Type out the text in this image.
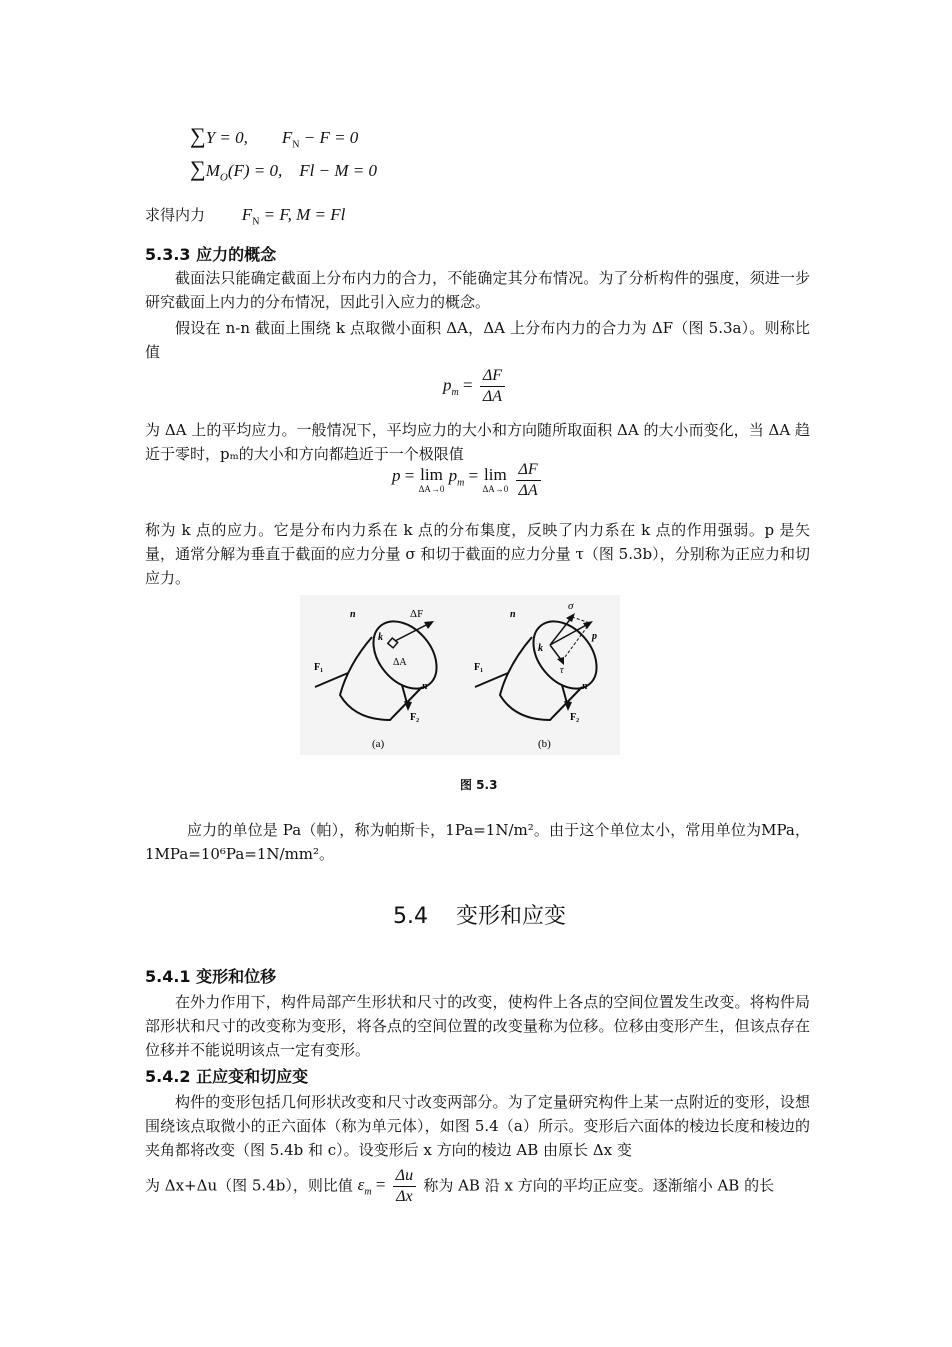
∑Y = 0,        $F_N - F = 0$
$\sum M_O(F) = 0$,    Fl − M = 0
求得内力 $F_N = F$, M = Fl
5.3.3 应力的概念
截面法只能确定截面上分布内力的合力，不能确定其分布情况。为了分析构件的强度，须进一步研究截面上内力的分布情况，因此引入应力的概念。
假设在 n-n 截面上围绕 k 点取微小面积 ΔA，ΔA 上分布内力的合力为 ΔF（图 5.3a）。则称比值
$p_m = \frac{\Delta F}{\Delta A}$
为 ΔA 上的平均应力。一般情况下，平均应力的大小和方向随所取面积 ΔA 的大小而变化，当 ΔA 趋近于零时，pₘ的大小和方向都趋近于一个极限值
p = lim
ΔA→0
$p_m = \lim$
ΔA→0
$\frac{\Delta F}{\Delta A}$
称为 k 点的应力。它是分布内力系在 k 点的分布集度，反映了内力系在 k 点的作用强弱。p 是矢量，通常分解为垂直于截面的应力分量 σ 和切于截面的应力分量 τ（图 5.3b），分别称为正应力和切应力。
n	ΔF
k
ΔA
F₁
n
F₂
(a)
n
σ
p
k
τ
F₁
n
F₂
(b)
图 5.3
应力的单位是 Pa（帕），称为帕斯卡，1Pa=1N/m²。由于这个单位太小，常用单位为MPa，1MPa=10⁶Pa=1N/mm²。
5.4    变形和应变
5.4.1 变形和位移
在外力作用下，构件局部产生形状和尺寸的改变，使构件上各点的空间位置发生改变。将构件局部形状和尺寸的改变称为变形，将各点的空间位置的改变量称为位移。位移由变形产生，但该点存在位移并不能说明该点一定有变形。
5.4.2 正应变和切应变
构件的变形包括几何形状改变和尺寸改变两部分。为了定量研究构件上某一点附近的变形，设想围绕该点取微小的正六面体（称为单元体），如图 5.4（a）所示。变形后六面体的棱边长度和棱边的夹角都将改变（图 5.4b 和 c）。设变形后 x 方向的棱边 AB 由原长 Δx 变
为 Δx+Δu（图 5.4b），则比值 $\varepsilon_m = \frac{\Delta u}{\Delta x}$ 称为 AB 沿 x 方向的平均正应变。逐渐缩小 AB 的长
